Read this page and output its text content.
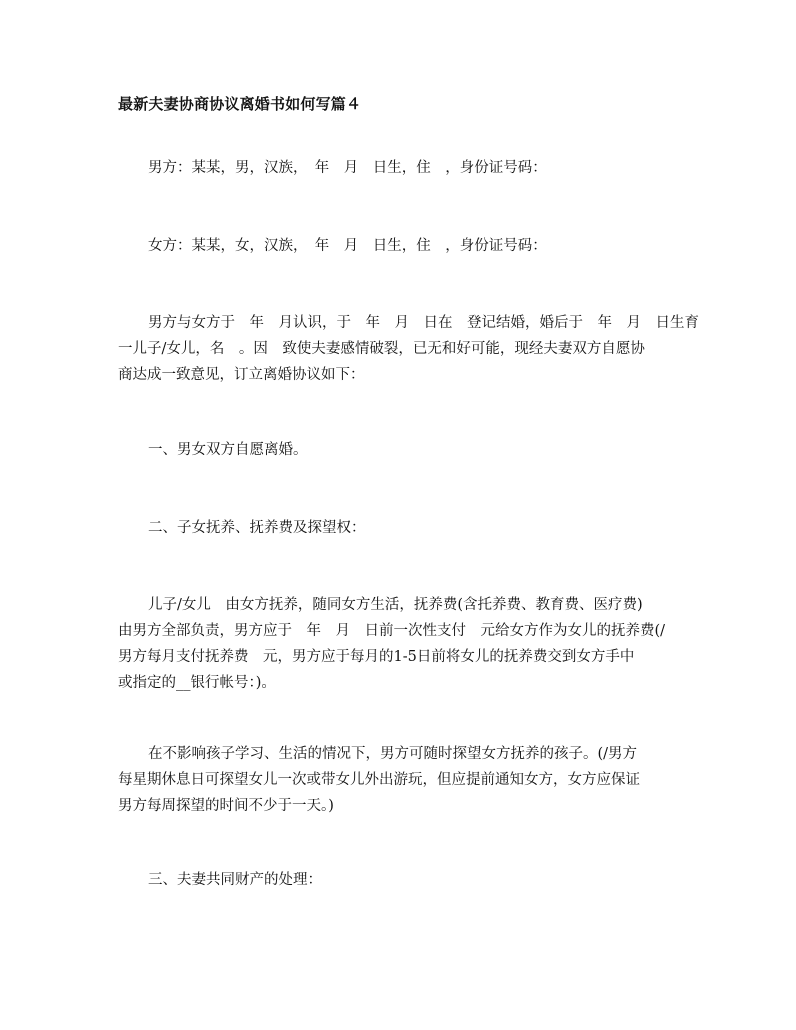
最新夫妻协商协议离婚书如何写篇４
男方：某某，男，汉族，　年　月　日生，住　，身份证号码：
女方：某某，女，汉族，　年　月　日生，住　，身份证号码：
男方与女方于　年　月认识，于　年　月　日在　登记结婚，婚后于　年　月　日生育
一儿子/女儿，名　。因　致使夫妻感情破裂，已无和好可能，现经夫妻双方自愿协
商达成一致意见，订立离婚协议如下：
一、男女双方自愿离婚。
二、子女抚养、抚养费及探望权：
儿子/女儿　由女方抚养，随同女方生活，抚养费(含托养费、教育费、医疗费)
由男方全部负责，男方应于　年　月　日前一次性支付　元给女方作为女儿的抚养费(/
男方每月支付抚养费　元，男方应于每月的1-5日前将女儿的抚养费交到女方手中
或指定的__银行帐号：)。
在不影响孩子学习、生活的情况下，男方可随时探望女方抚养的孩子。(/男方
每星期休息日可探望女儿一次或带女儿外出游玩，但应提前通知女方，女方应保证
男方每周探望的时间不少于一天。)
三、夫妻共同财产的处理：
